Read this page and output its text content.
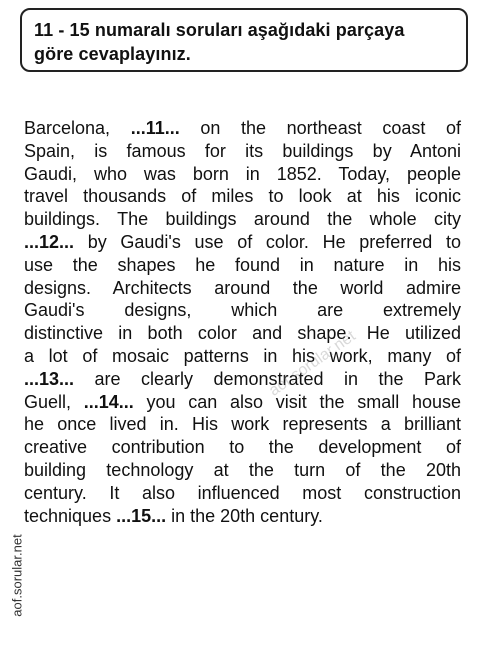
11 - 15 numaralı soruları aşağıdaki parçaya
göre cevaplayınız.
Barcelona, ...11... on the northeast coast of
Spain, is famous for its buildings by Antoni
Gaudi, who was born in 1852. Today, people
travel thousands of miles to look at his iconic
buildings. The buildings around the whole city
...12... by Gaudi's use of color. He preferred to
use the shapes he found in nature in his
designs. Architects around the world admire
Gaudi's designs, which are extremely
distinctive in both color and shape. He utilized
a lot of mosaic patterns in his work, many of
...13... are clearly demonstrated in the Park
Guell, ...14... you can also visit the small house
he once lived in. His work represents a brilliant
creative contribution to the development of
building technology at the turn of the 20th
century. It also influenced most construction
techniques ...15... in the 20th century.
aof.sorular.net
aof.sorular.net
